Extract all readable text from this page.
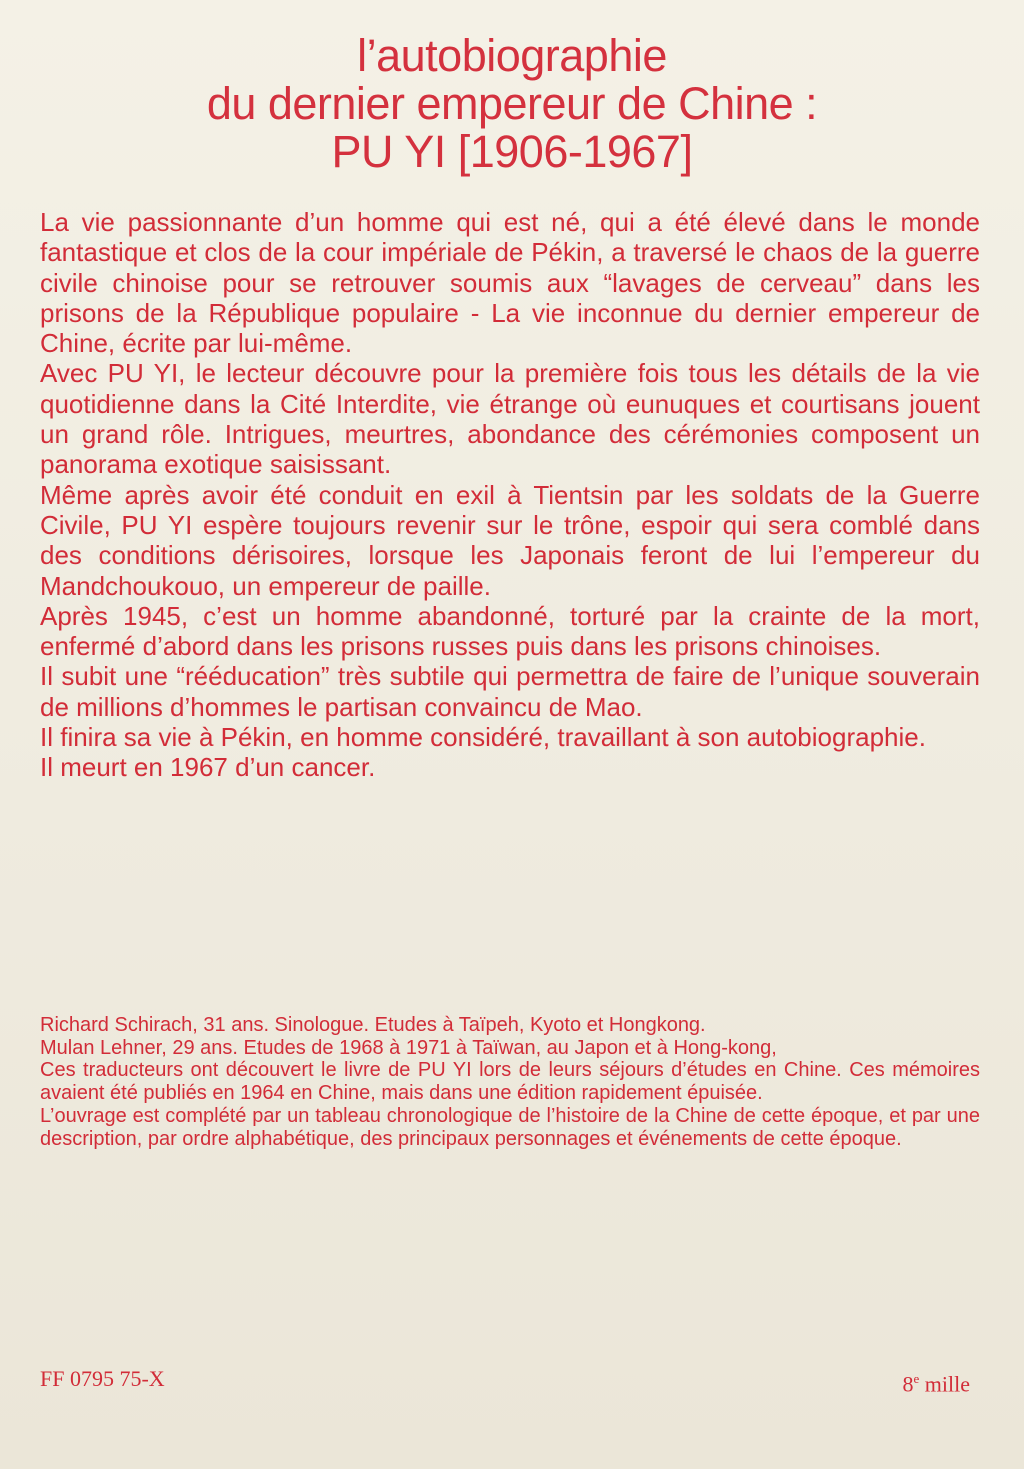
l’autobiographie
du dernier empereur de Chine :
PU YI [1906-1967]

La vie passionnante d’un homme qui est né, qui a été élevé dans le monde fantastique et clos de la cour impériale de Pékin, a traversé le chaos de la guerre civile chinoise pour se retrouver soumis aux “lavages de cerveau” dans les prisons de la République populaire - La vie inconnue du dernier empereur de Chine, écrite par lui-même.

Avec PU YI, le lecteur découvre pour la première fois tous les détails de la vie quotidienne dans la Cité Interdite, vie étrange où eunuques et courtisans jouent un grand rôle. Intrigues, meurtres, abondance des cérémonies composent un panorama exotique saisissant.

Même après avoir été conduit en exil à Tientsin par les soldats de la Guerre Civile, PU YI espère toujours revenir sur le trône, espoir qui sera comblé dans des conditions dérisoires, lorsque les Japonais feront de lui l’empereur du Mandchoukouo, un empereur de paille.

Après 1945, c’est un homme abandonné, torturé par la crainte de la mort, enfermé d’abord dans les prisons russes puis dans les prisons chinoises.

Il subit une “rééducation” très subtile qui permettra de faire de l’unique souverain de millions d’hommes le partisan convaincu de Mao.

Il finira sa vie à Pékin, en homme considéré, travaillant à son autobiographie.

Il meurt en 1967 d’un cancer.

Richard Schirach, 31 ans. Sinologue. Etudes à Taïpeh, Kyoto et Hongkong.

Mulan Lehner, 29 ans. Etudes de 1968 à 1971 à Taïwan, au Japon et à Hong-kong,

Ces traducteurs ont découvert le livre de PU YI lors de leurs séjours d’études en Chine. Ces mémoires avaient été publiés en 1964 en Chine, mais dans une édition rapidement épuisée.

L’ouvrage est complété par un tableau chronologique de l’histoire de la Chine de cette époque, et par une description, par ordre alphabétique, des principaux personnages et événements de cette époque.

FF 0795 75-X	8e mille
